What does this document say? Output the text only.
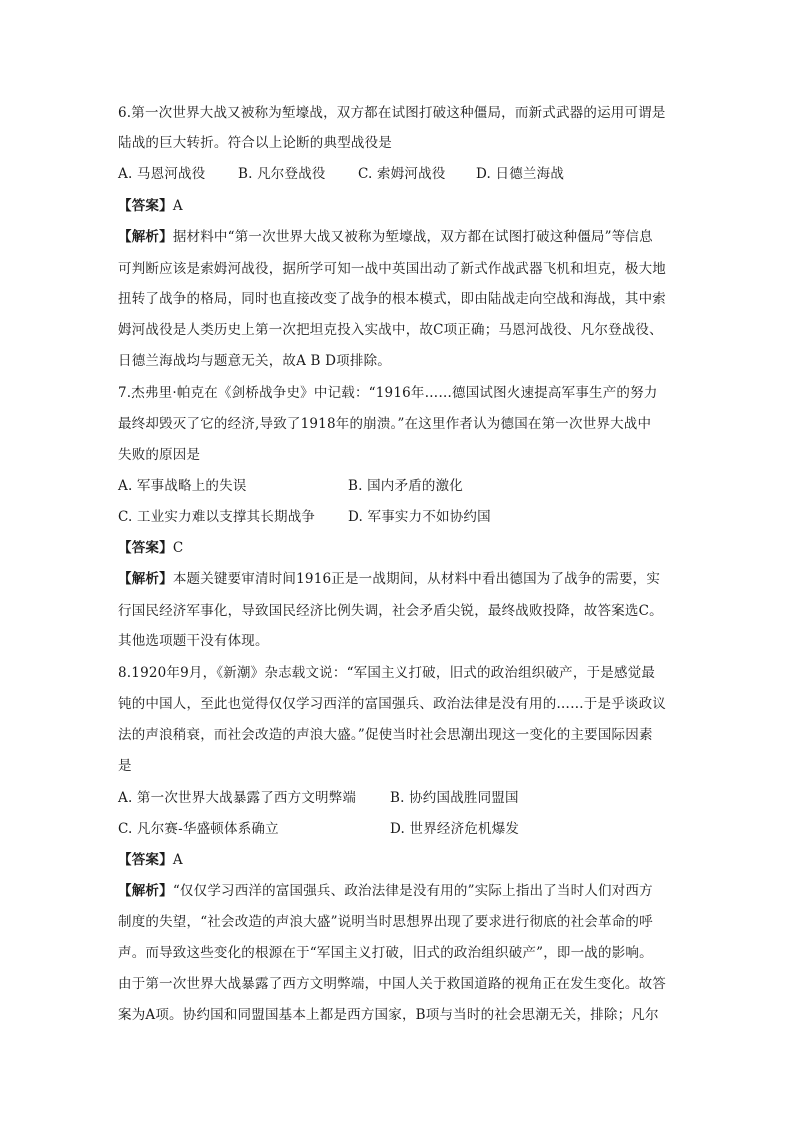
6.第一次世界大战又被称为堑壕战，双方都在试图打破这种僵局，而新式武器的运用可谓是
陆战的巨大转折。符合以上论断的典型战役是
A. 马恩河战役 B. 凡尔登战役 C. 索姆河战役 D. 日德兰海战
【答案】A
【解析】据材料中“第一次世界大战又被称为堑壕战，双方都在试图打破这种僵局”等信息
可判断应该是索姆河战役，据所学可知一战中英国出动了新式作战武器飞机和坦克，极大地
扭转了战争的格局，同时也直接改变了战争的根本模式，即由陆战走向空战和海战，其中索
姆河战役是人类历史上第一次把坦克投入实战中，故C项正确；马恩河战役、凡尔登战役、
日德兰海战均与题意无关，故A B D项排除。
7.杰弗里·帕克在《剑桥战争史》中记载：“1916年……德国试图火速提高军事生产的努力
最终却毁灭了它的经济,导致了1918年的崩溃。”在这里作者认为德国在第一次世界大战中
失败的原因是
A. 军事战略上的失误	B. 国内矛盾的激化
C. 工业实力难以支撑其长期战争 D. 军事实力不如协约国
【答案】C
【解析】本题关键要审清时间1916正是一战期间，从材料中看出德国为了战争的需要，实
行国民经济军事化，导致国民经济比例失调，社会矛盾尖锐，最终战败投降，故答案选C。
其他选项题干没有体现。
8.1920年9月，《新潮》杂志载文说：“军国主义打破，旧式的政治组织破产，于是感觉最
钝的中国人，至此也觉得仅仅学习西洋的富国强兵、政治法律是没有用的……于是乎谈政议
法的声浪稍衰，而社会改造的声浪大盛。”促使当时社会思潮出现这一变化的主要国际因素
是
A. 第一次世界大战暴露了西方文明弊端	B. 协约国战胜同盟国
C. 凡尔赛-华盛顿体系确立	D. 世界经济危机爆发
【答案】A
【解析】“仅仅学习西洋的富国强兵、政治法律是没有用的”实际上指出了当时人们对西方
制度的失望，“社会改造的声浪大盛”说明当时思想界出现了要求进行彻底的社会革命的呼
声。而导致这些变化的根源在于“军国主义打破，旧式的政治组织破产”，即一战的影响。
由于第一次世界大战暴露了西方文明弊端，中国人关于救国道路的视角正在发生变化。故答
案为A项。协约国和同盟国基本上都是西方国家，B项与当时的社会思潮无关，排除；凡尔
